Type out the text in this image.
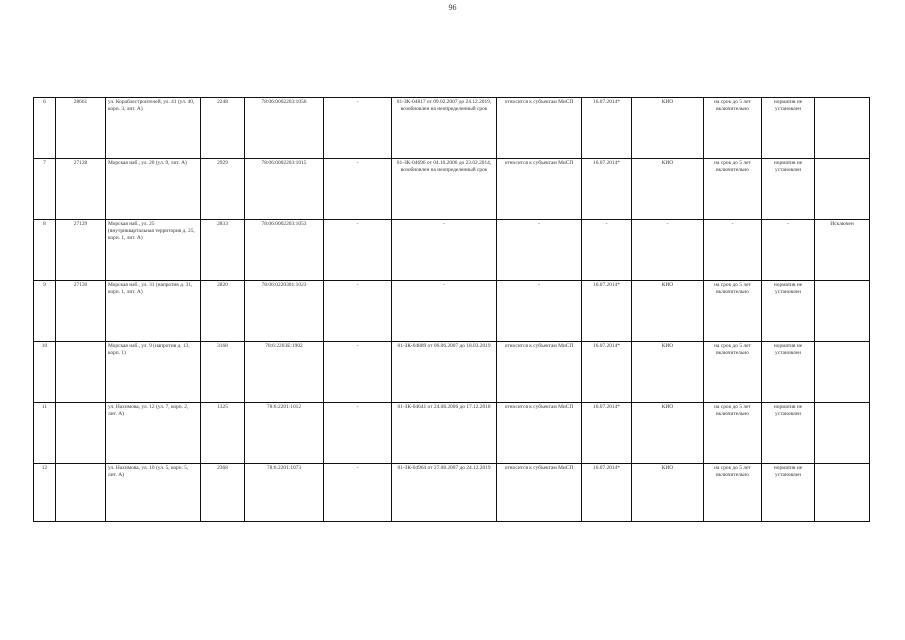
96
6	28661	ул. Кораблестроителей, ул. 41 (ул. 40, корп. 3, лит. А)	2248	78:06:0002203:1056	-	01-ЗК-04817 от 09.02.2007 до 24.12.2019, возобновлен на неопределенный срок	относится к субъектам МиСП	16.07.2014*	КИО	на срок до 5 лет включительно	норматив не установлен	
7	27128	Морская наб., ул. 20 (ул. 9, лит. А)	2929	78:06:0002203:1015	-	01-ЗК-04696 от 04.10.2006 до 23.02.2014, возобновлен на неопределенный срок	относится к субъектам МиСП	16.07.2014*	КИО	на срок до 5 лет включительно	норматив не установлен	
8	27129	Морская наб., ул. 25 (внутриквартальная территория д. 25, корп. 1, лит. А)	2833	78:06:0002203:1053	-	-	-	-	-	-	-	Исключен
9	27130	Морская наб., ул. 31 (напротив д. 31, корп. 1, лит. А)	2820	78:06:0220301:1023	-	-	-	16.07.2014*	КИО	на срок до 5 лет включительно	норматив не установлен	
10		Морская наб., ул. 9 (напротив д. 13, корп. 1)	3168	78:6:2203Е:1902	-	01-ЗК-04889 от 06.06.2007 до 18.03.2019	относится к субъектам МиСП	16.07.2014*	КИО	на срок до 5 лет включительно	норматив не установлен	
11		ул. Нахимова, ул. 12 (ул. 7, корп. 2, лит. А)	1325	78:6:2201:1012	-	01-ЗК-04641 от 24.08.2006 до 17.12.2018	относится к субъектам МиСП	16.07.2014*	КИО	на срок до 5 лет включительно	норматив не установлен	
12		ул. Нахимова, ул. 10 (ул. 5, корп. 5, лит. А)	2368	78:6:2201:1073	-	01-ЗК-04964 от 27.08.2007 до 24.12.2019	относится к субъектам МиСП	16.07.2014*	КИО	на срок до 5 лет включительно	норматив не установлен	
